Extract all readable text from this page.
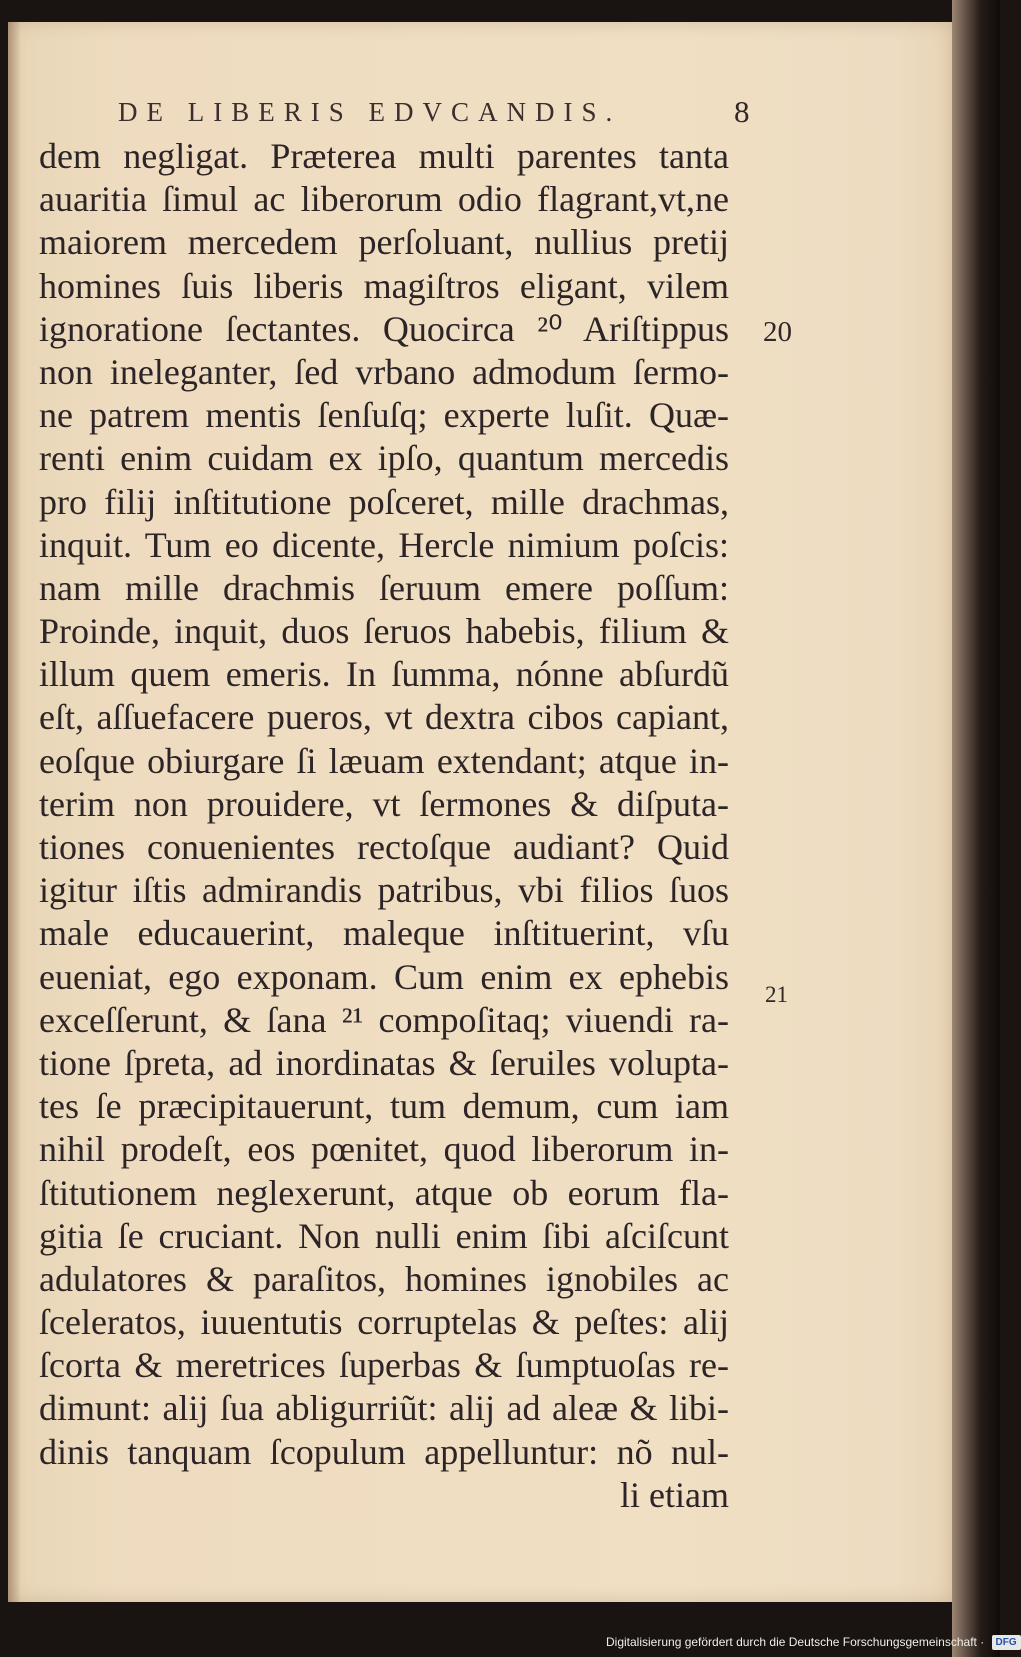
DE LIBERIS EDVCANDIS.	8
dem negligat. Præterea multi parentes tanta
auaritia ſimul ac liberorum odio flagrant,vt,ne
maiorem mercedem perſoluant, nullius pretij
homines ſuis liberis magiſtros eligant, vilem
ignoratione ſectantes. Quocirca ²⁰ Ariſtippus
non ineleganter, ſed vrbano admodum ſermo-
ne patrem mentis ſenſuſq; experte luſit. Quæ-
renti enim cuidam ex ipſo, quantum mercedis
pro filij inſtitutione poſceret, mille drachmas,
inquit. Tum eo dicente, Hercle nimium poſcis:
nam mille drachmis ſeruum emere poſſum:
Proinde, inquit, duos ſeruos habebis, filium &
illum quem emeris. In ſumma, nónne abſurdũ
eſt, aſſuefacere pueros, vt dextra cibos capiant,
eoſque obiurgare ſi læuam extendant; atque in-
terim non prouidere, vt ſermones & diſputa-
tiones conuenientes rectoſque audiant? Quid
igitur iſtis admirandis patribus, vbi filios ſuos
male educauerint, maleque inſtituerint, vſu
eueniat, ego exponam. Cum enim ex ephebis
exceſſerunt, & ſana ²¹ compoſitaq; viuendi ra-
tione ſpreta, ad inordinatas & ſeruiles volupta-
tes ſe præcipitauerunt, tum demum, cum iam
nihil prodeſt, eos pœnitet, quod liberorum in-
ſtitutionem neglexerunt, atque ob eorum fla-
gitia ſe cruciant. Non nulli enim ſibi aſciſcunt
adulatores & paraſitos, homines ignobiles ac
ſceleratos, iuuentutis corruptelas & peſtes: alij
ſcorta & meretrices ſuperbas & ſumptuoſas re-
dimunt: alij ſua abligurriũt: alij ad aleæ & libi-
dinis tanquam ſcopulum appelluntur: nõ nul-
li etiam
20
21
Digitalisierung gefördert durch die Deutsche Forschungsgemeinschaft · DFG
